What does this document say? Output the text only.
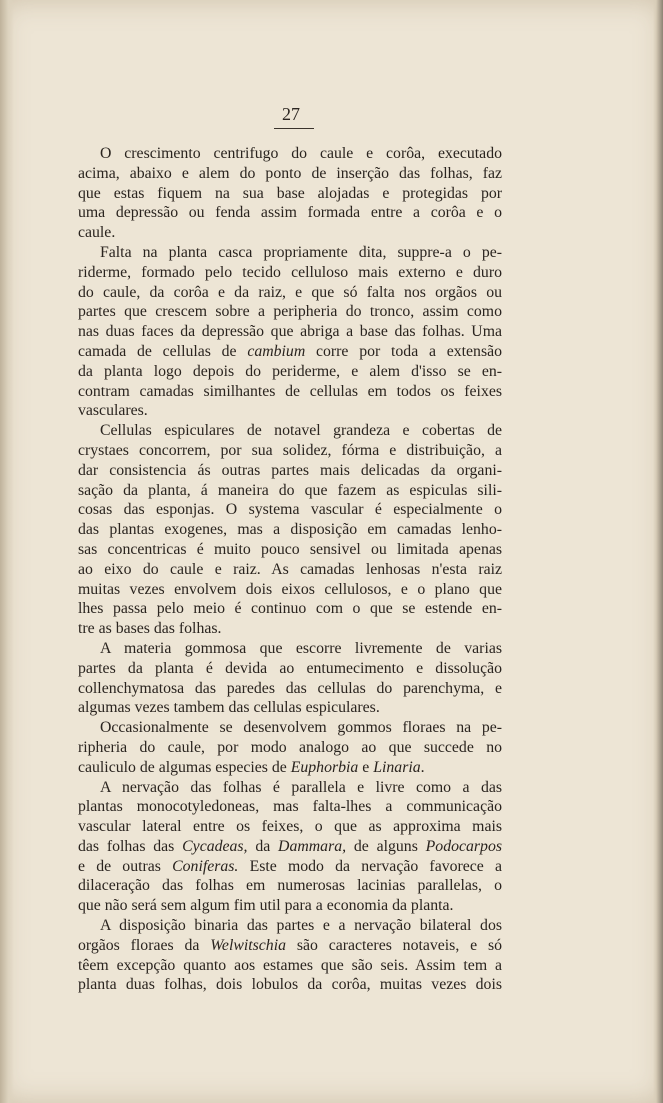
27

O crescimento centrifugo do caule e corôa, executado
acima, abaixo e alem do ponto de inserção das folhas, faz
que estas fiquem na sua base alojadas e protegidas por
uma depressão ou fenda assim formada entre a corôa e o
caule.

Falta na planta casca propriamente dita, suppre-a o pe-
riderme, formado pelo tecido celluloso mais externo e duro
do caule, da corôa e da raiz, e que só falta nos orgãos ou
partes que crescem sobre a peripheria do tronco, assim como
nas duas faces da depressão que abriga a base das folhas. Uma
camada de cellulas de cambium corre por toda a extensão
da planta logo depois do periderme, e alem d'isso se en-
contram camadas similhantes de cellulas em todos os feixes
vasculares.

Cellulas espiculares de notavel grandeza e cobertas de
crystaes concorrem, por sua solidez, fórma e distribuição, a
dar consistencia ás outras partes mais delicadas da organi-
sação da planta, á maneira do que fazem as espiculas sili-
cosas das esponjas. O systema vascular é especialmente o
das plantas exogenes, mas a disposição em camadas lenho-
sas concentricas é muito pouco sensivel ou limitada apenas
ao eixo do caule e raiz. As camadas lenhosas n'esta raiz
muitas vezes envolvem dois eixos cellulosos, e o plano que
lhes passa pelo meio é continuo com o que se estende en-
tre as bases das folhas.

A materia gommosa que escorre livremente de varias
partes da planta é devida ao entumecimento e dissolução
collenchymatosa das paredes das cellulas do parenchyma, e
algumas vezes tambem das cellulas espiculares.

Occasionalmente se desenvolvem gommos floraes na pe-
ripheria do caule, por modo analogo ao que succede no
cauliculo de algumas especies de Euphorbia e Linaria.

A nervação das folhas é parallela e livre como a das
plantas monocotyledoneas, mas falta-lhes a communicação
vascular lateral entre os feixes, o que as approxima mais
das folhas das Cycadeas, da Dammara, de alguns Podocarpos
e de outras Coniferas. Este modo da nervação favorece a
dilaceração das folhas em numerosas lacinias parallelas, o
que não será sem algum fim util para a economia da planta.

A disposição binaria das partes e a nervação bilateral dos
orgãos floraes da Welwitschia são caracteres notaveis, e só
têem excepção quanto aos estames que são seis. Assim tem a
planta duas folhas, dois lobulos da corôa, muitas vezes dois
